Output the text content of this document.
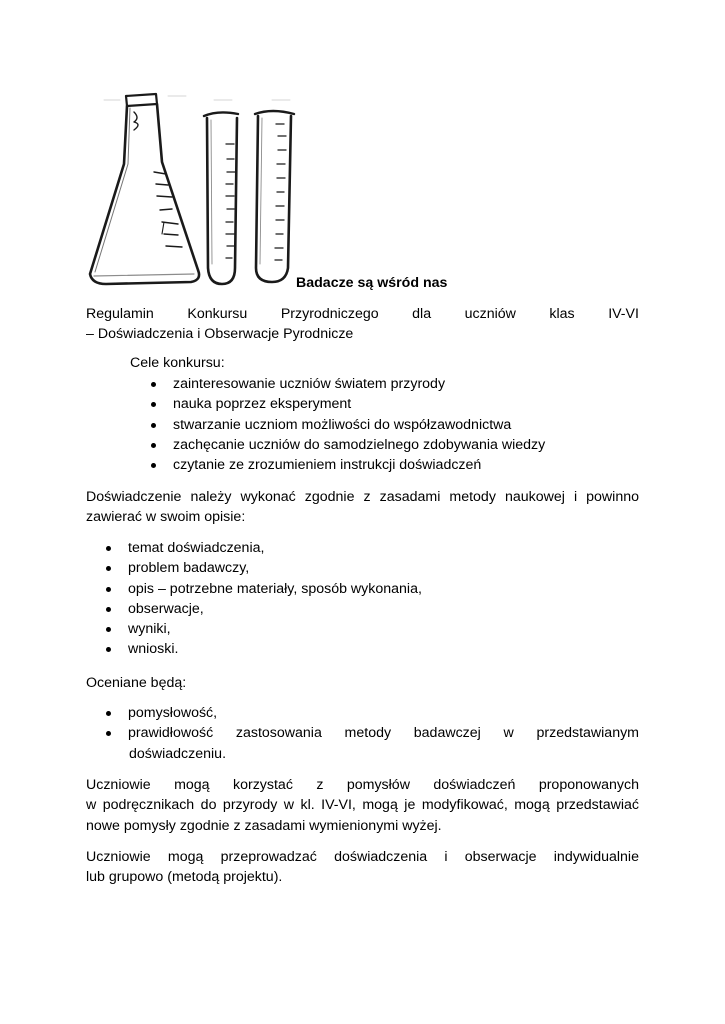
Badacze są wśród nas

Regulamin Konkursu Przyrodniczego dla uczniów klas IV-VI
– Doświadczenia i Obserwacje Pyrodnicze

Cele konkursu:
zainteresowanie uczniów światem przyrody
nauka poprzez eksperyment
stwarzanie uczniom możliwości do współzawodnictwa
zachęcanie uczniów do samodzielnego zdobywania wiedzy
czytanie ze zrozumieniem instrukcji doświadczeń

Doświadczenie należy wykonać zgodnie z zasadami metody naukowej i powinno
zawierać w swoim opisie:

temat doświadczenia,
problem badawczy,
opis – potrzebne materiały, sposób wykonania,
obserwacje,
wyniki,
wnioski.
Oceniane będą:
pomysłowość,
prawidłowość zastosowania metody badawczej w przedstawianym
doświadczeniu.

Uczniowie mogą korzystać z pomysłów doświadczeń proponowanych
w podręcznikach do przyrody w kl. IV-VI, mogą je modyfikować, mogą przedstawiać
nowe pomysły zgodnie z zasadami wymienionymi wyżej.

Uczniowie mogą przeprowadzać doświadczenia i obserwacje indywidualnie
lub grupowo (metodą projektu).
